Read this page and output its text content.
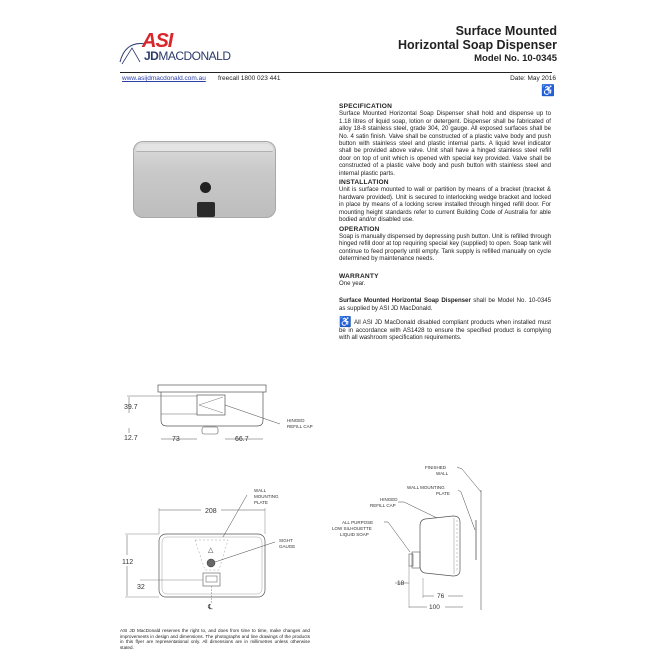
ASI
JDMACDONALD
Surface Mounted
Horizontal Soap Dispenser
Model No. 10-0345
www.asijdmacdonald.com.au freecall 1800 023 441	Date: May 2016
♿
SPECIFICATION

Surface Mounted Horizontal Soap Dispenser shall hold and dispense up to 1.18 litres of liquid soap, lotion or detergent. Dispenser shall be fabricated of alloy 18-8 stainless steel, grade 304, 20 gauge. All exposed surfaces shall be No. 4 satin finish. Valve shall be constructed of a plastic valve body and push button with stainless steel and plastic internal parts. A liquid level indicator shall be provided above valve. Unit shall have a hinged stainless steel refill door on top of unit which is opened with special key provided. Valve shall be constructed of a plastic valve body and push button with stainless steel and internal plastic parts.

INSTALLATION

Unit is surface mounted to wall or partition by means of a bracket (bracket & hardware provided). Unit is secured to interlocking wedge bracket and locked in place by means of a locking screw installed through hinged refill door. For mounting height standards refer to current Building Code of Australia for able bodied and/or disabled use.

OPERATION

Soap is manually dispensed by depressing push button. Unit is refilled through hinged refill door at top requiring special key (supplied) to open. Soap tank will continue to feed properly until empty. Tank supply is refilled manually on cycle determined by maintenance needs.

WARRANTY

One year.

Surface Mounted Horizontal Soap Dispenser shall be Model No. 10-0345 as supplied by ASI JD MacDonald.

♿ All ASI JD MacDonald disabled compliant products when installed must be in accordance with AS1428 to ensure the specified product is complying with all washroom specification requirements.

39.7
12.7	73	66.7
HINGED
REFILL CAP
△
208
112
32
℄
WALL
MOUNTING
PLATE
SIGHT
GAUGE
FINISHED
WALL
WALL MOUNTING
PLATE
HINGED
REFILL CAP
ALL PURPOSE
LOW SILHOUETTE
LIQUID SOAP
18
76
100
ASI JD MacDonald reserves the right to, and does from time to time, make changes and improvements in design and dimensions. The photographs and line drawings of the products in this flyer are representational only. All dimensions are in millimetres unless otherwise stated.
